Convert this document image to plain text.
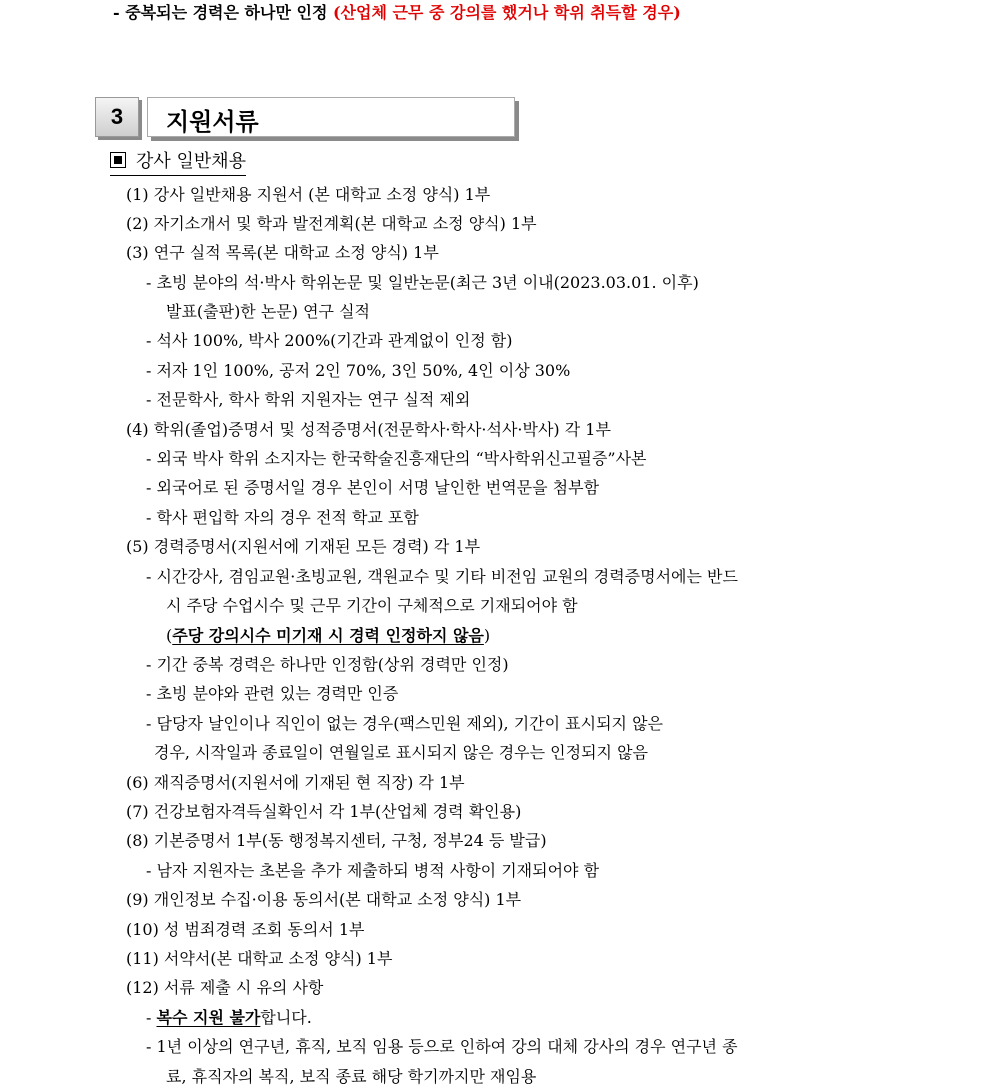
- 중복되는 경력은 하나만 인정 (산업체 근무 중 강의를 했거나 학위 취득할 경우)
3	지원서류
강사 일반채용
(1) 강사 일반채용 지원서 (본 대학교 소정 양식) 1부
(2) 자기소개서 및 학과 발전계획(본 대학교 소정 양식) 1부
(3) 연구 실적 목록(본 대학교 소정 양식) 1부
- 초빙 분야의 석·박사 학위논문 및 일반논문(최근 3년 이내(2023.03.01. 이후)
발표(출판)한 논문) 연구 실적
- 석사 100%, 박사 200%(기간과 관계없이 인정 함)
- 저자 1인 100%, 공저 2인 70%, 3인 50%, 4인 이상 30%
- 전문학사, 학사 학위 지원자는 연구 실적 제외
(4) 학위(졸업)증명서 및 성적증명서(전문학사·학사·석사·박사) 각 1부
- 외국 박사 학위 소지자는 한국학술진흥재단의 “박사학위신고필증”사본
- 외국어로 된 증명서일 경우 본인이 서명 날인한 번역문을 첨부함
- 학사 편입학 자의 경우 전적 학교 포함
(5) 경력증명서(지원서에 기재된 모든 경력) 각 1부
- 시간강사, 겸임교원·초빙교원, 객원교수 및 기타 비전임 교원의 경력증명서에는 반드
시 주당 수업시수 및 근무 기간이 구체적으로 기재되어야 함
(주당 강의시수 미기재 시 경력 인정하지 않음)
- 기간 중복 경력은 하나만 인정함(상위 경력만 인정)
- 초빙 분야와 관련 있는 경력만 인증
- 담당자 날인이나 직인이 없는 경우(팩스민원 제외), 기간이 표시되지 않은
경우, 시작일과 종료일이 연월일로 표시되지 않은 경우는 인정되지 않음
(6) 재직증명서(지원서에 기재된 현 직장) 각 1부
(7) 건강보험자격득실확인서 각 1부(산업체 경력 확인용)
(8) 기본증명서 1부(동 행정복지센터, 구청, 정부24 등 발급)
- 남자 지원자는 초본을 추가 제출하되 병적 사항이 기재되어야 함
(9) 개인정보 수집·이용 동의서(본 대학교 소정 양식) 1부
(10) 성 범죄경력 조회 동의서 1부
(11) 서약서(본 대학교 소정 양식) 1부
(12) 서류 제출 시 유의 사항
- 복수 지원 불가합니다.
- 1년 이상의 연구년, 휴직, 보직 임용 등으로 인하여 강의 대체 강사의 경우 연구년 종
료, 휴직자의 복직, 보직 종료 해당 학기까지만 재임용
